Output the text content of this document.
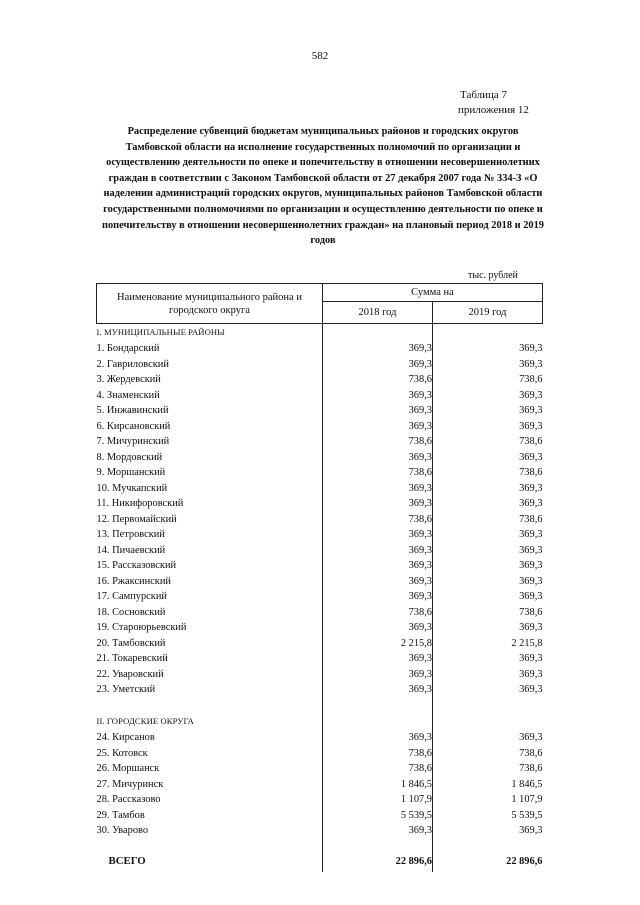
582
Таблица 7
приложения 12
Распределение субвенций бюджетам муниципальных районов и городских округов Тамбовской области на исполнение государственных полномочий по организации и осуществлению деятельности по опеке и попечительству в отношении несовершеннолетних граждан в соответствии с Законом Тамбовской области от 27 декабря 2007 года № 334-З «О наделении администраций городских округов, муниципальных районов Тамбовской области государственными полномочиями по организации и осуществлению деятельности по опеке и попечительству в отношении несовершеннолетних граждан» на плановый период 2018 и 2019 годов
тыс. рублей
Наименование муниципального района и городского округа	Сумма на	
	2018 год	2019 год
I. МУНИЦИПАЛЬНЫЕ РАЙОНЫ		
1. Бондарский	369,3	369,3
2. Гавриловский	369,3	369,3
3. Жердевский	738,6	738,6
4. Знаменский	369,3	369,3
5. Инжавинский	369,3	369,3
6. Кирсановский	369,3	369,3
7. Мичуринский	738,6	738,6
8. Мордовский	369,3	369,3
9. Моршанский	738,6	738,6
10. Мучкапский	369,3	369,3
11. Никифоровский	369,3	369,3
12. Первомайский	738,6	738,6
13. Петровский	369,3	369,3
14. Пичаевский	369,3	369,3
15. Рассказовский	369,3	369,3
16. Ржаксинский	369,3	369,3
17. Сампурский	369,3	369,3
18. Сосновский	738,6	738,6
19. Староюрьевский	369,3	369,3
20. Тамбовский	2 215,8	2 215,8
21. Токаревский	369,3	369,3
22. Уваровский	369,3	369,3
23. Уметский	369,3	369,3

II. ГОРОДСКИЕ ОКРУГА		
24. Кирсанов	369,3	369,3
25. Котовск	738,6	738,6
26. Моршанск	738,6	738,6
27. Мичуринск	1 846,5	1 846,5
28. Рассказово	1 107,9	1 107,9
29. Тамбов	5 539,5	5 539,5
30. Уварово	369,3	369,3

ВСЕГО	22 896,6	22 896,6
